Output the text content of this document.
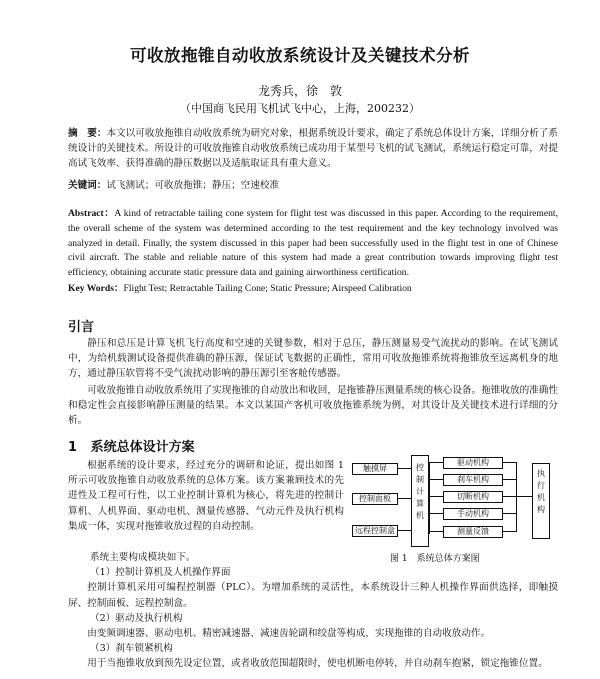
可收放拖锥自动收放系统设计及关键技术分析
龙秀兵，徐　敦
（中国商飞民用飞机试飞中心，上海，200232）
摘　要：本文以可收放拖锥自动收放系统为研究对象，根据系统设计要求，确定了系统总体设计方案，详细分析了系统设计的关键技术。所设计的可收放拖锥自动收放系统已成功用于某型号飞机的试飞测试，系统运行稳定可靠，对提高试飞效率、获得准确的静压数据以及适航取证具有重大意义。
关键词：试飞测试；可收放拖锥；静压；空速校准
Abstract：A kind of retractable tailing cone system for flight test was discussed in this paper. According to the requirement, the overall scheme of the system was determined according to the test requirement and the key technology involved was analyzed in detail. Finally, the system discussed in this paper had been successfully used in the flight test in one of Chinese civil aircraft. The stable and reliable nature of this system had made a great contribution towards improving flight test efficiency, obtaining accurate static pressure data and gaining airworthiness certification.
Key Words：Flight Test; Retractable Tailing Cone; Static Pressure; Airspeed Calibration
引言
静压和总压是计算飞机飞行高度和空速的关键参数，相对于总压，静压测量易受气流扰动的影响。在试飞测试中，为给机载测试设备提供准确的静压源，保证试飞数据的正确性，常用可收放拖锥系统将拖锥放至远离机身的地方，通过静压软管将不受气流扰动影响的静压源引至客舱传感器。
可收放拖锥自动收放系统用了实现拖锥的自动放出和收回，是拖锥静压测量系统的核心设备。拖锥收放的准确性和稳定性会直接影响静压测量的结果。本文以某国产客机可收放拖锥系统为例，对其设计及关键技术进行详细的分析。
1 系统总体设计方案
根据系统的设计要求，经过充分的调研和论证，提出如图 1 所示可收放拖锥自动收放系统的总体方案。该方案兼顾技术的先进性及工程可行性，以工业控制计算机为核心，将先进的控制计算机、人机界面、驱动电机、测量传感器、气动元件及执行机构集成一体，实现对拖锥收放过程的自动控制。
系统主要构成模块如下。
（1）控制计算机及人机操作界面
控制计算机采用可编程控制器（PLC）。为增加系统的灵活性，本系统设计三种人机操作界面供选择，即触摸屏、控制面板、远程控制盒。
（2）驱动及执行机构
由变频调速器、驱动电机、精密减速器、减速齿轮副和绞盘等构成，实现拖锥的自动收放动作。
（3）刹车锁紧机构
用于当拖锥收放到预先设定位置，或者收放范围超限时，使电机断电停转，并自动刹车抱紧，锁定拖锥位置。
触摸屏
控制面板
远程控制盒
控制计算机
驱动机构
刹车机构
切断机构
手动机构
测量反馈
执行机构
图 1　系统总体方案图
